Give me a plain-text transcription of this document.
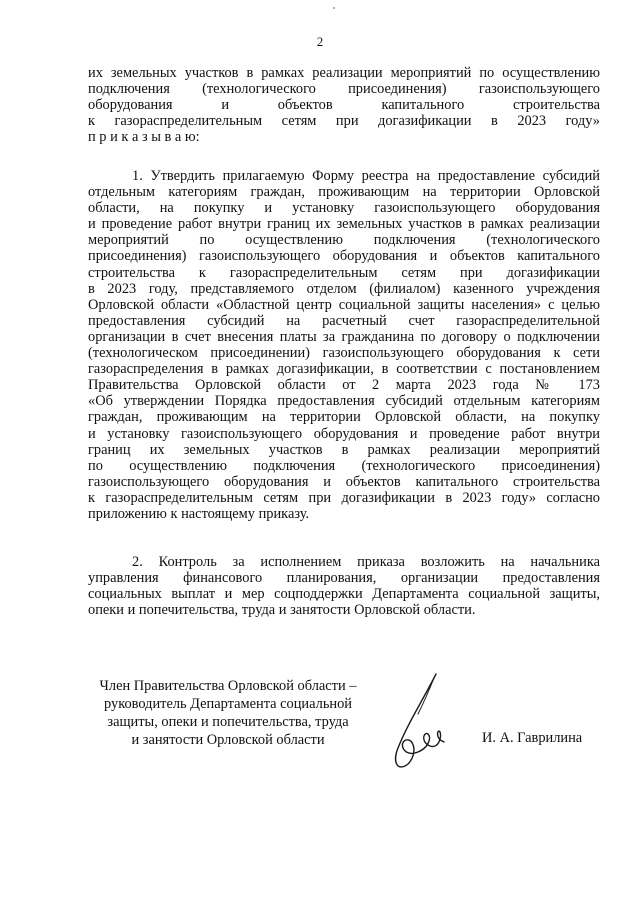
2
их земельных участков в рамках реализации мероприятий по осуществлению
подключения (технологического присоединения) газоиспользующего
оборудования и объектов капитального строительства
к газораспределительным сетям при догазификации в 2023 году»
п р и к а з ы в а ю:
1. Утвердить прилагаемую Форму реестра на предоставление субсидий
отдельным категориям граждан, проживающим на территории Орловской
области, на покупку и установку газоиспользующего оборудования
и проведение работ внутри границ их земельных участков в рамках реализации
мероприятий по осуществлению подключения (технологического
присоединения) газоиспользующего оборудования и объектов капитального
строительства к газораспределительным сетям при догазификации
в 2023 году, представляемого отделом (филиалом) казенного учреждения
Орловской области «Областной центр социальной защиты населения» с целью
предоставления субсидий на расчетный счет газораспределительной
организации в счет внесения платы за гражданина по договору о подключении
(технологическом присоединении) газоиспользующего оборудования к сети
газораспределения в рамках догазификации, в соответствии с постановлением
Правительства Орловской области от 2 марта 2023 года № 173
«Об утверждении Порядка предоставления субсидий отдельным категориям
граждан, проживающим на территории Орловской области, на покупку
и установку газоиспользующего оборудования и проведение работ внутри
границ их земельных участков в рамках реализации мероприятий
по осуществлению подключения (технологического присоединения)
газоиспользующего оборудования и объектов капитального строительства
к газораспределительным сетям при догазификации в 2023 году» согласно
приложению к настоящему приказу.
2. Контроль за исполнением приказа возложить на начальника
управления финансового планирования, организации предоставления
социальных выплат и мер соцподдержки Департамента социальной защиты,
опеки и попечительства, труда и занятости Орловской области.
Член Правительства Орловской области –
руководитель Департамента социальной
защиты, опеки и попечительства, труда
и занятости Орловской области	И. А. Гаврилина
